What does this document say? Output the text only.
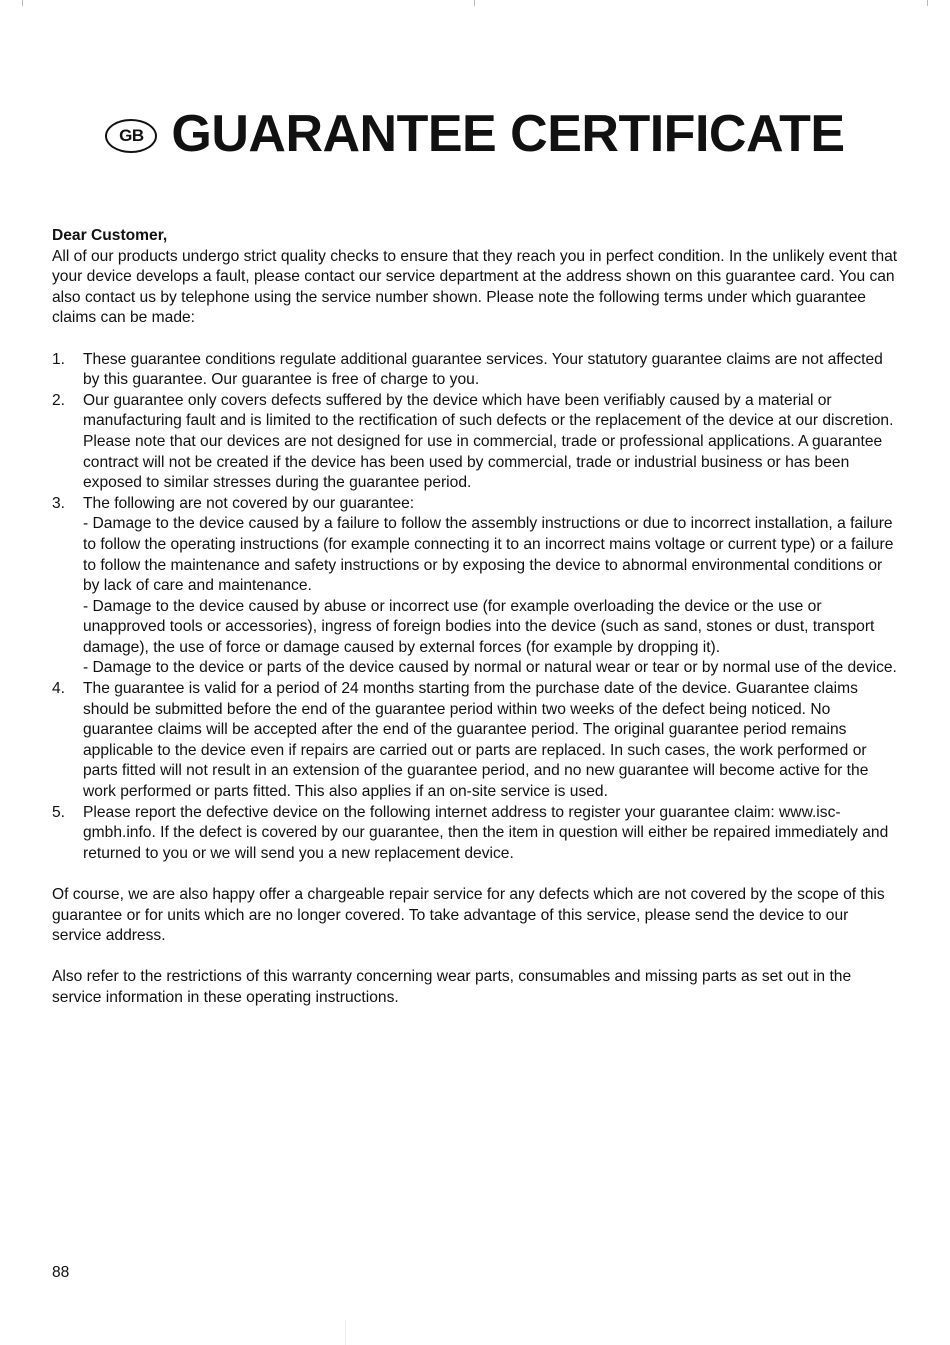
GB GUARANTEE CERTIFICATE

Dear Customer,

All of our products undergo strict quality checks to ensure that they reach you in perfect condition. In the unlikely event that your device develops a fault, please contact our service department at the address shown on this guarantee card. You can also contact us by telephone using the service number shown. Please note the following terms under which guarantee claims can be made:

1.	These guarantee conditions regulate additional guarantee services. Your statutory guarantee claims are not affected by this guarantee. Our guarantee is free of charge to you.

2.	Our guarantee only covers defects suffered by the device which have been verifiably caused by a material or manufacturing fault and is limited to the rectification of such defects or the replacement of the device at our discretion.

Please note that our devices are not designed for use in commercial, trade or professional applications. A guarantee contract will not be created if the device has been used by commercial, trade or industrial business or has been exposed to similar stresses during the guarantee period.

3.	The following are not covered by our guarantee:

- Damage to the device caused by a failure to follow the assembly instructions or due to incorrect installation, a failure to follow the operating instructions (for example connecting it to an incorrect mains voltage or current type) or a failure to follow the maintenance and safety instructions or by exposing the device to abnormal environmental conditions or by lack of care and maintenance.

- Damage to the device caused by abuse or incorrect use (for example overloading the device or the use or unapproved tools or accessories), ingress of foreign bodies into the device (such as sand, stones or dust, transport damage), the use of force or damage caused by external forces (for example by dropping it).

- Damage to the device or parts of the device caused by normal or natural wear or tear or by normal use of the device.

4.	The guarantee is valid for a period of 24 months starting from the purchase date of the device. Guarantee claims should be submitted before the end of the guarantee period within two weeks of the defect being noticed. No guarantee claims will be accepted after the end of the guarantee period. The original guarantee period remains applicable to the device even if repairs are carried out or parts are replaced. In such cases, the work performed or parts fitted will not result in an extension of the guarantee period, and no new guarantee will become active for the work performed or parts fitted. This also applies if an on-site service is used.

5.	Please report the defective device on the following internet address to register your guarantee claim: www.isc-gmbh.info. If the defect is covered by our guarantee, then the item in question will either be repaired immediately and returned to you or we will send you a new replacement device.

Of course, we are also happy offer a chargeable repair service for any defects which are not covered by the scope of this guarantee or for units which are no longer covered. To take advantage of this service, please send the device to our service address.

Also refer to the restrictions of this warranty concerning wear parts, consumables and missing parts as set out in the service information in these operating instructions.

88
